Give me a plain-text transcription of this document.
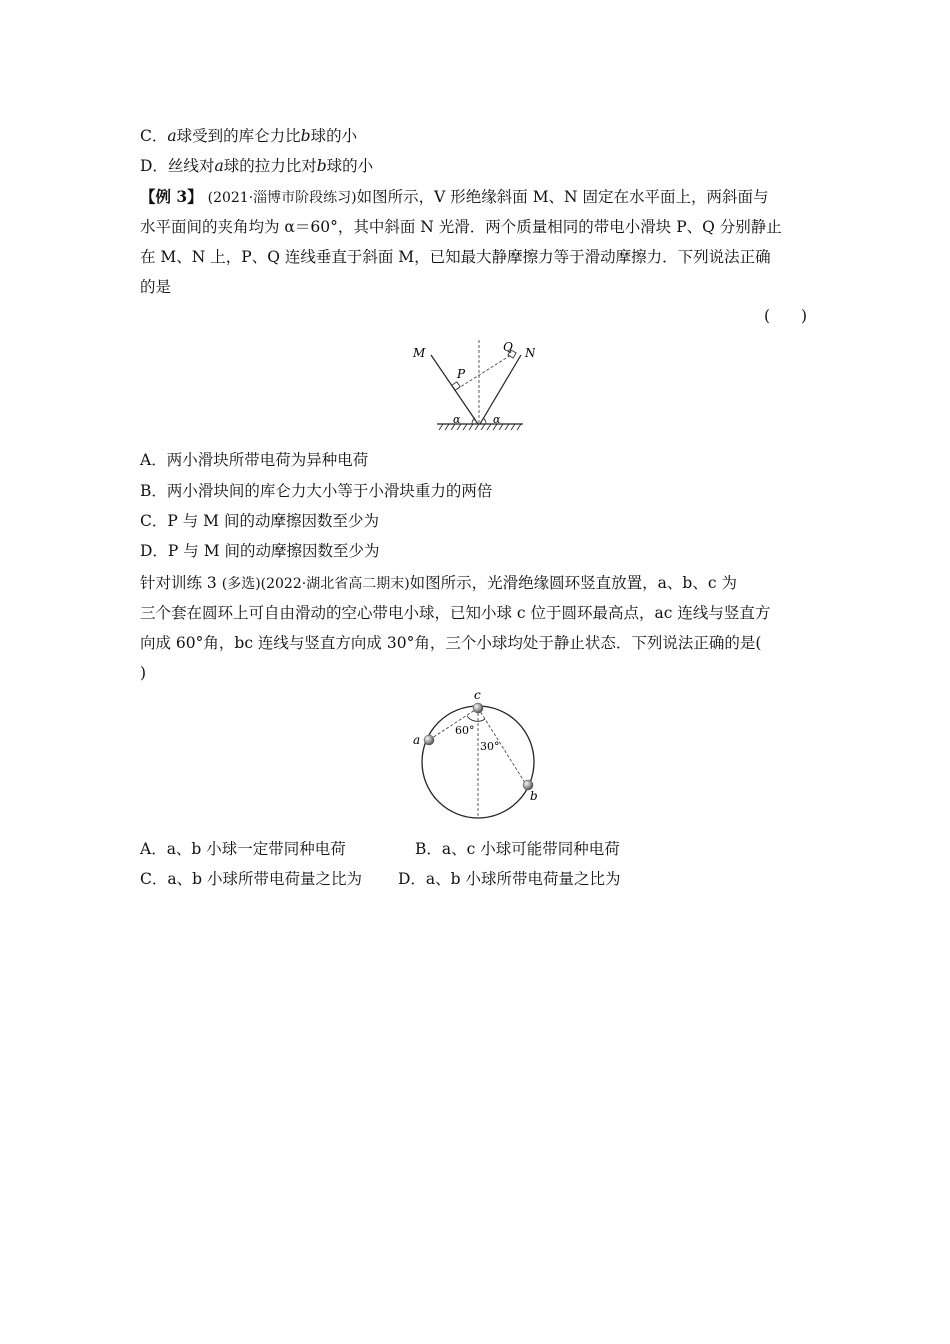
C．a球受到的库仑力比b球的小
D．丝线对a球的拉力比对b球的小
【例 3】 (2021·淄博市阶段练习)如图所示，V 形绝缘斜面 M、N 固定在水平面上，两斜面与
水平面间的夹角均为 α＝60°，其中斜面 N 光滑．两个质量相同的带电小滑块 P、Q 分别静止
在 M、N 上，P、Q 连线垂直于斜面 M，已知最大静摩擦力等于滑动摩擦力．下列说法正确
的是
(　　)
M	N
P
Q
α	α
A．两小滑块所带电荷为异种电荷
B．两小滑块间的库仑力大小等于小滑块重力的两倍
C．P 与 M 间的动摩擦因数至少为
D．P 与 M 间的动摩擦因数至少为
针对训练 3 (多选)(2022·湖北省高二期末)如图所示，光滑绝缘圆环竖直放置，a、b、c 为
三个套在圆环上可自由滑动的空心带电小球，已知小球 c 位于圆环最高点，ac 连线与竖直方
向成 60°角，bc 连线与竖直方向成 30°角，三个小球均处于静止状态．下列说法正确的是(
)
c
a
b
60°
30°
A．a、b 小球一定带同种电荷	B．a、c 小球可能带同种电荷
C．a、b 小球所带电荷量之比为 D．a、b 小球所带电荷量之比为
